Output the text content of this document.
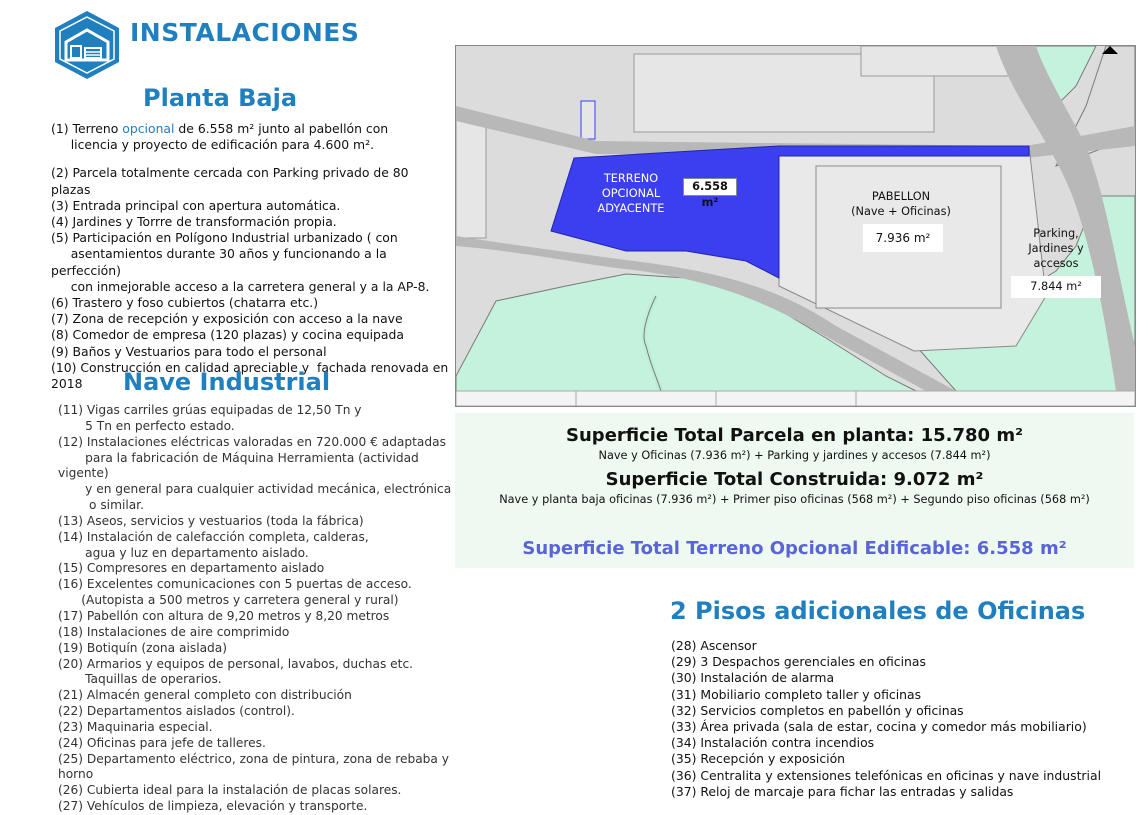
INSTALACIONES
Planta Baja
(1) Terreno opcional de 6.558 m² junto al pabellón con
licencia y proyecto de edificación para 4.600 m².
(2) Parcela totalmente cercada con Parking privado de 80 plazas
(3) Entrada principal con apertura automática.
(4) Jardines y Torrre de transformación propia.
(5) Participación en Polígono Industrial urbanizado ( con
asentamientos durante 30 años y funcionando a la perfección)
con inmejorable acceso a la carretera general y a la AP-8.
(6) Trastero y foso cubiertos (chatarra etc.)
(7) Zona de recepción y exposición con acceso a la nave
(8) Comedor de empresa (120 plazas) y cocina equipada
(9) Baños y Vestuarios para todo el personal
(10) Construcción en calidad apreciable y  fachada renovada en 2018	Nave Industrial
(11) Vigas carriles grúas equipadas de 12,50 Tn y
5 Tn en perfecto estado.
(12) Instalaciones eléctricas valoradas en 720.000 € adaptadas
para la fabricación de Máquina Herramienta (actividad vigente)
y en general para cualquier actividad mecánica, electrónica
o similar.
(13) Aseos, servicios y vestuarios (toda la fábrica)
(14) Instalación de calefacción completa, calderas,
agua y luz en departamento aislado.
(15) Compresores en departamento aislado
(16) Excelentes comunicaciones con 5 puertas de acceso.
(Autopista a 500 metros y carretera general y rural)
(17) Pabellón con altura de 9,20 metros y 8,20 metros
(18) Instalaciones de aire comprimido
(19) Botiquín (zona aislada)
(20) Armarios y equipos de personal, lavabos, duchas etc.
Taquillas de operarios.
(21) Almacén general completo con distribución
(22) Departamentos aislados (control).
(23) Maquinaria especial.
(24) Oficinas para jefe de talleres.
(25) Departamento eléctrico, zona de pintura, zona de rebaba y horno
(26) Cubierta ideal para la instalación de placas solares.
(27) Vehículos de limpieza, elevación y transporte.
TERRENO
OPCIONAL
ADYACENTE
6.558 m²	PABELLON
(Nave + Oficinas)
7.936 m²	Parking,
Jardines y
accesos
7.844 m²
Superficie Total Parcela en planta: 15.780 m²
Nave y Oficinas (7.936 m²) + Parking y jardines y accesos (7.844 m²)
Superficie Total Construida: 9.072 m²
Nave y planta baja oficinas (7.936 m²) + Primer piso oficinas (568 m²) + Segundo piso oficinas (568 m²)
Superficie Total Terreno Opcional Edificable: 6.558 m²
2 Pisos adicionales de Oficinas
(28) Ascensor
(29) 3 Despachos gerenciales en oficinas
(30) Instalación de alarma
(31) Mobiliario completo taller y oficinas
(32) Servicios completos en pabellón y oficinas
(33) Área privada (sala de estar, cocina y comedor más mobiliario)
(34) Instalación contra incendios
(35) Recepción y exposición
(36) Centralita y extensiones telefónicas en oficinas y nave industrial
(37) Reloj de marcaje para fichar las entradas y salidas
